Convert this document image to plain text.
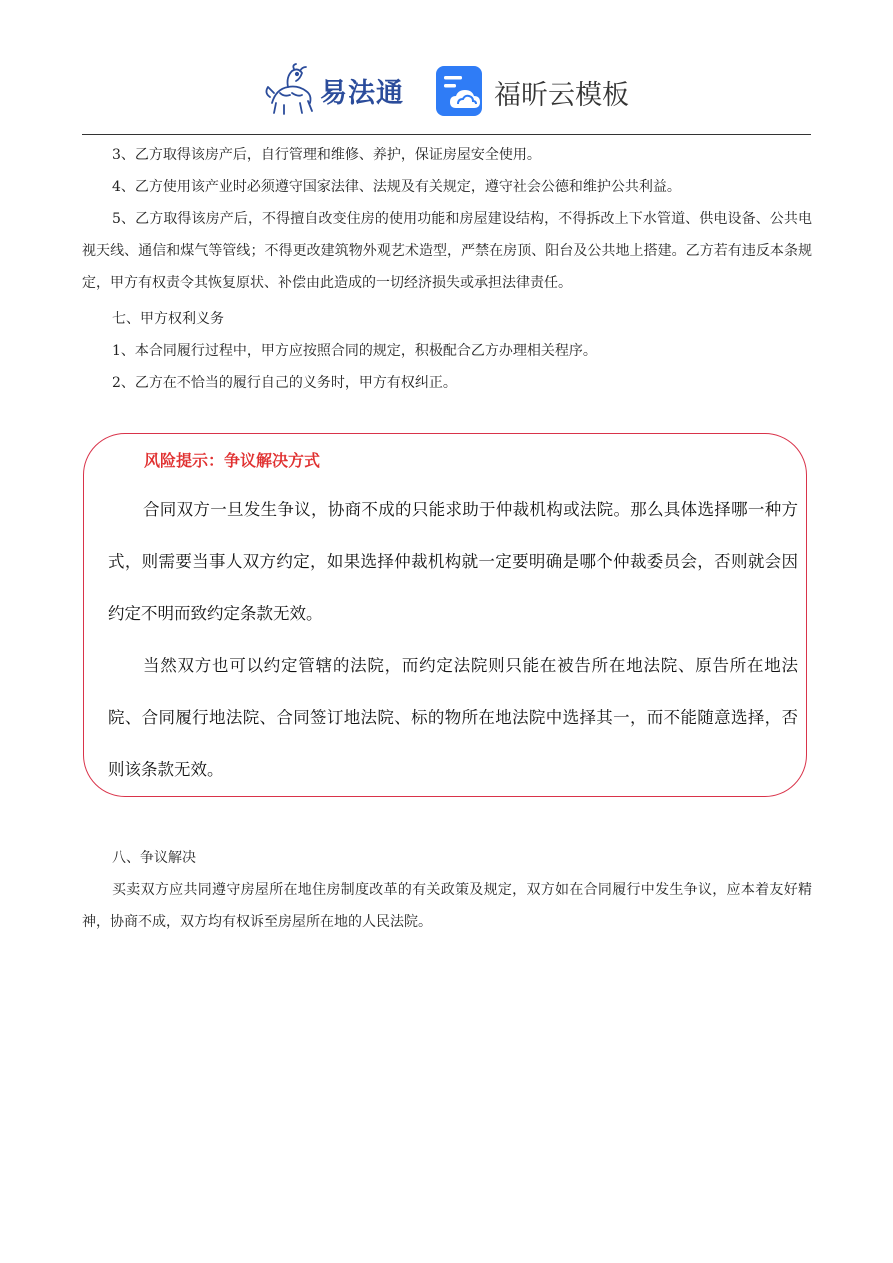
易法通	福昕云模板

3、乙方取得该房产后，自行管理和维修、养护，保证房屋安全使用。

4、乙方使用该产业时必须遵守国家法律、法规及有关规定，遵守社会公德和维护公共利益。

5、乙方取得该房产后，不得擅自改变住房的使用功能和房屋建设结构，不得拆改上下水管道、供电设备、公共电视天线、通信和煤气等管线；不得更改建筑物外观艺术造型，严禁在房顶、阳台及公共地上搭建。乙方若有违反本条规定，甲方有权责令其恢复原状、补偿由此造成的一切经济损失或承担法律责任。

七、甲方权利义务

1、本合同履行过程中，甲方应按照合同的规定，积极配合乙方办理相关程序。

2、乙方在不恰当的履行自己的义务时，甲方有权纠正。

风险提示：争议解决方式

合同双方一旦发生争议，协商不成的只能求助于仲裁机构或法院。那么具体选择哪一种方式，则需要当事人双方约定，如果选择仲裁机构就一定要明确是哪个仲裁委员会，否则就会因约定不明而致约定条款无效。

当然双方也可以约定管辖的法院，而约定法院则只能在被告所在地法院、原告所在地法院、合同履行地法院、合同签订地法院、标的物所在地法院中选择其一，而不能随意选择，否则该条款无效。

八、争议解决

买卖双方应共同遵守房屋所在地住房制度改革的有关政策及规定，双方如在合同履行中发生争议，应本着友好精神，协商不成，双方均有权诉至房屋所在地的人民法院。
